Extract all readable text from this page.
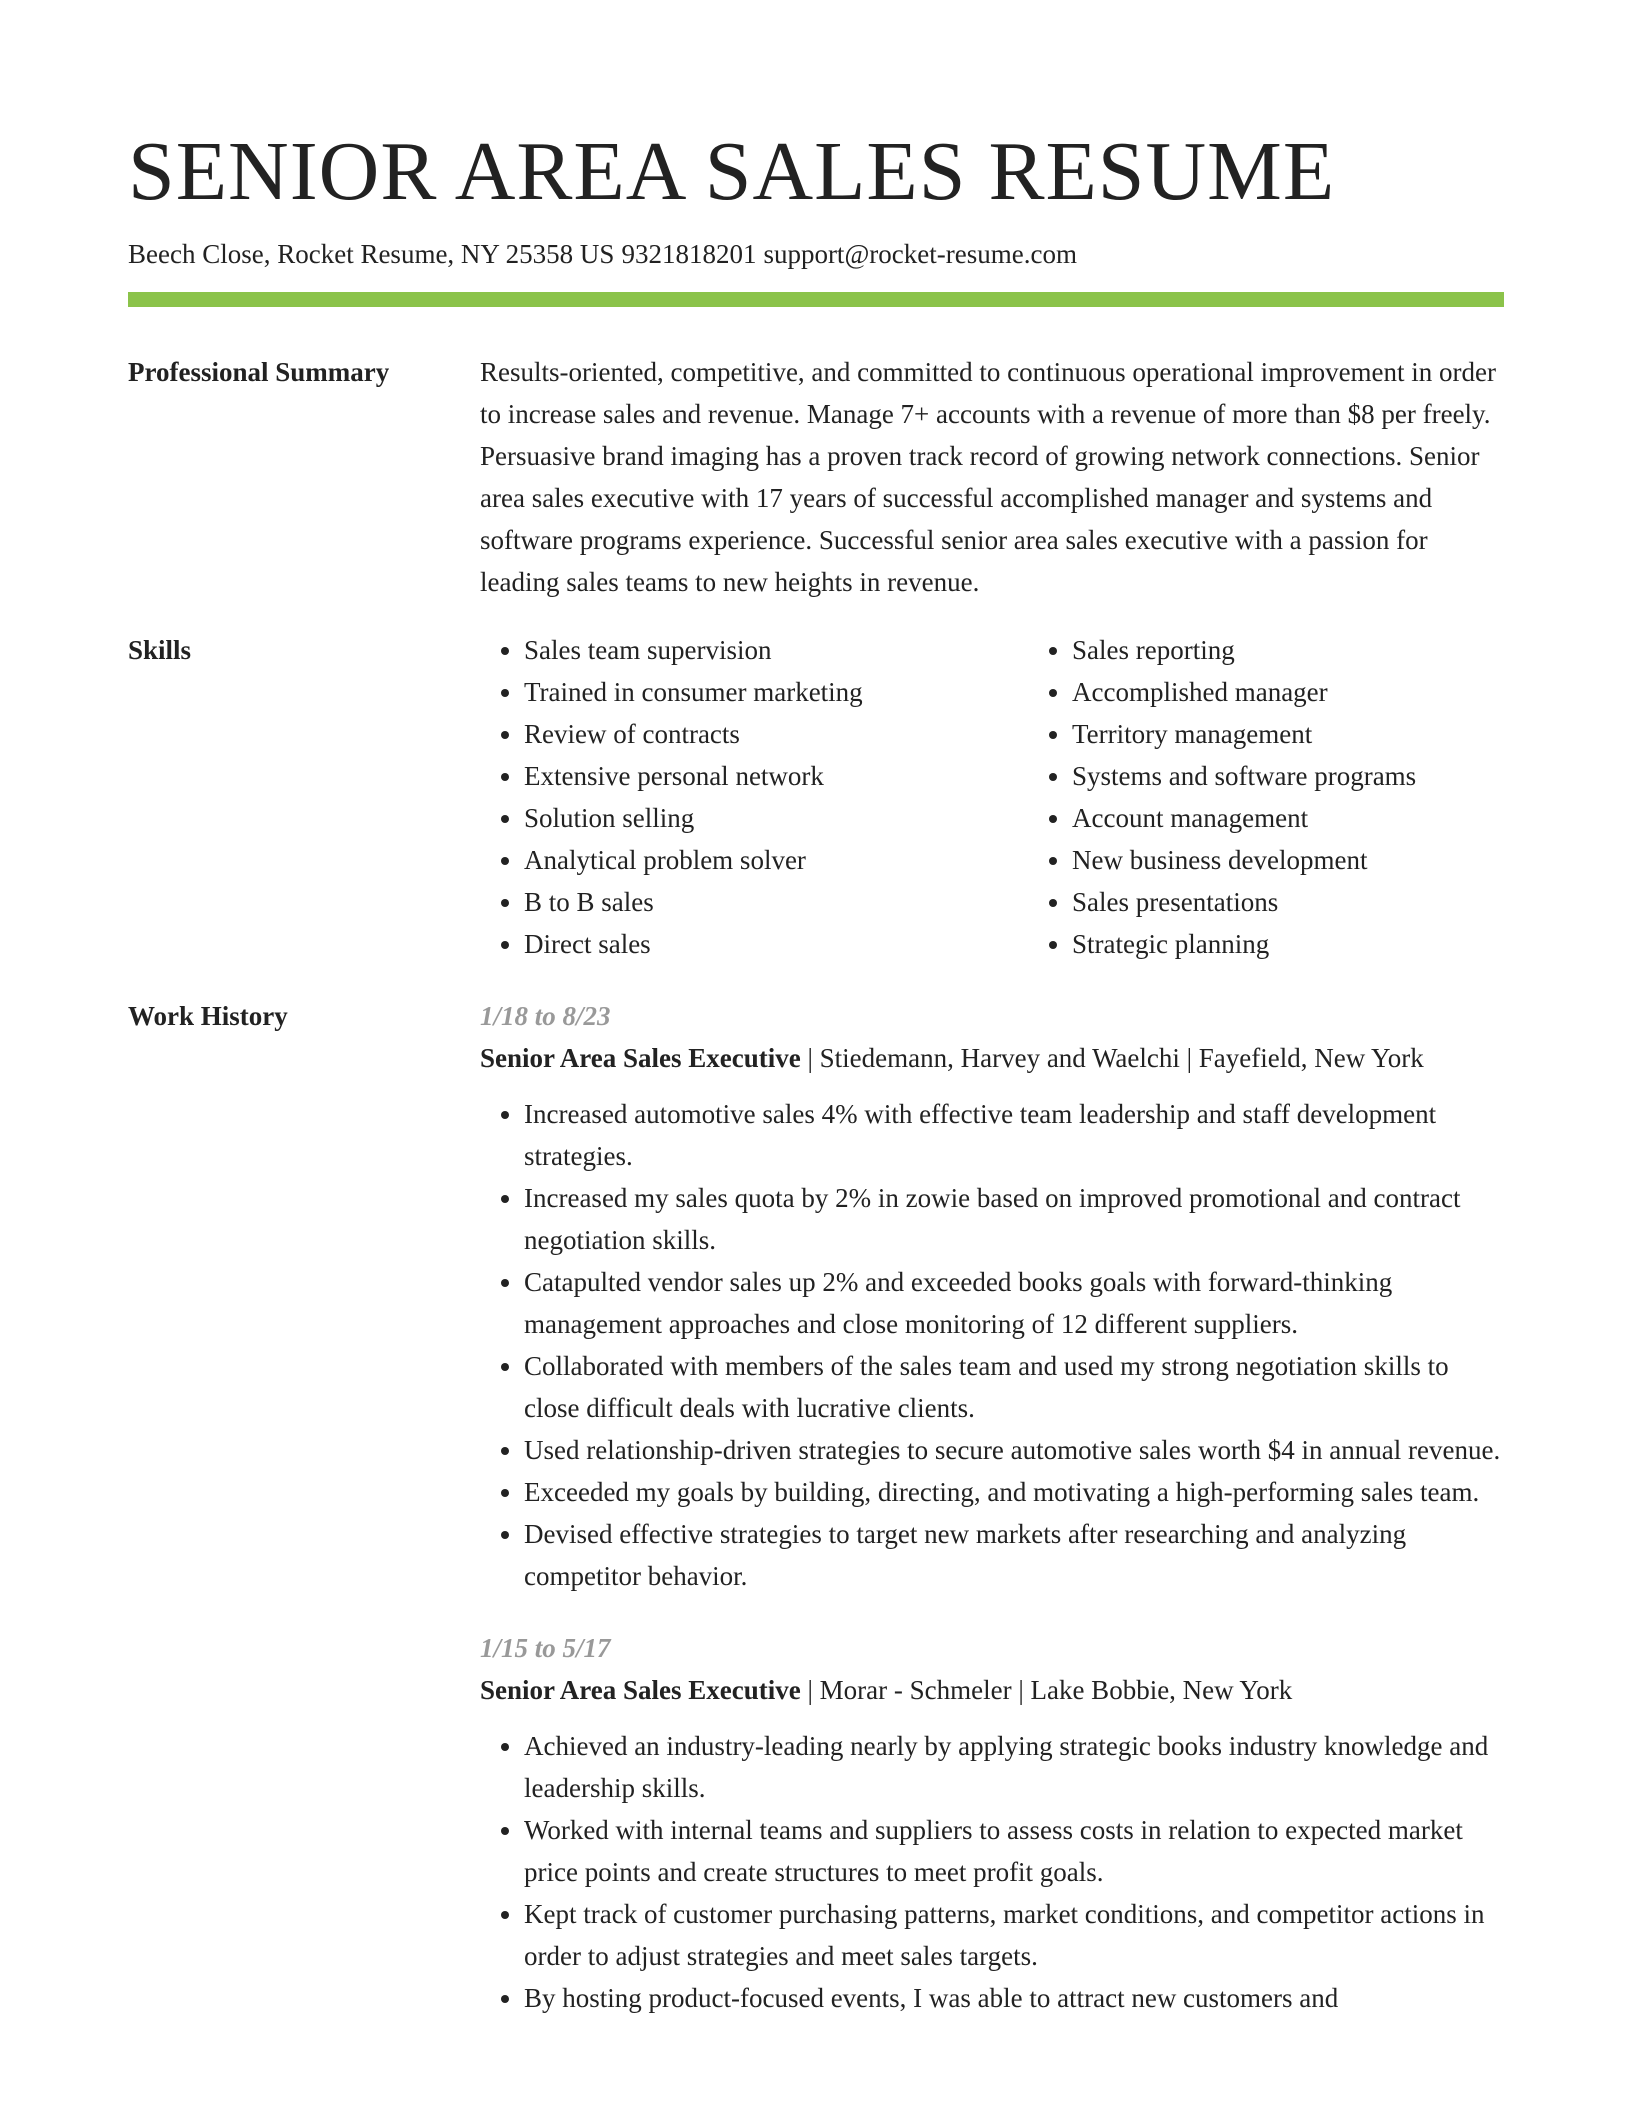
SENIOR AREA SALES RESUME
Beech Close, Rocket Resume, NY 25358 US 9321818201 support@rocket-resume.com
Professional Summary	Results-oriented, competitive, and committed to continuous operational improvement in order to increase sales and revenue. Manage 7+ accounts with a revenue of more than $8 per freely. Persuasive brand imaging has a proven track record of growing network connections. Senior area sales executive with 17 years of successful accomplished manager and systems and software programs experience. Successful senior area sales executive with a passion for leading sales teams to new heights in revenue.

Skills
•	Sales team supervision
• Trained in consumer marketing
• Review of contracts
• Extensive personal network
• Solution selling
• Analytical problem solver
• B to B sales
• Direct sales
• Sales reporting
• Accomplished manager
• Territory management
• Systems and software programs
• Account management
• New business development
• Sales presentations
• Strategic planning
Work History	1/18 to 8/23
Senior Area Sales Executive | Stiedemann, Harvey and Waelchi | Fayefield, New York
• Increased automotive sales 4% with effective team leadership and staff development strategies.
• Increased my sales quota by 2% in zowie based on improved promotional and contract negotiation skills.
• Catapulted vendor sales up 2% and exceeded books goals with forward-thinking management approaches and close monitoring of 12 different suppliers.
• Collaborated with members of the sales team and used my strong negotiation skills to close difficult deals with lucrative clients.
• Used relationship-driven strategies to secure automotive sales worth $4 in annual revenue.
• Exceeded my goals by building, directing, and motivating a high-performing sales team.
• Devised effective strategies to target new markets after researching and analyzing competitor behavior.
1/15 to 5/17
Senior Area Sales Executive | Morar - Schmeler | Lake Bobbie, New York
• Achieved an industry-leading nearly by applying strategic books industry knowledge and leadership skills.
• Worked with internal teams and suppliers to assess costs in relation to expected market price points and create structures to meet profit goals.
• Kept track of customer purchasing patterns, market conditions, and competitor actions in order to adjust strategies and meet sales targets.
• By hosting product-focused events, I was able to attract new customers and
